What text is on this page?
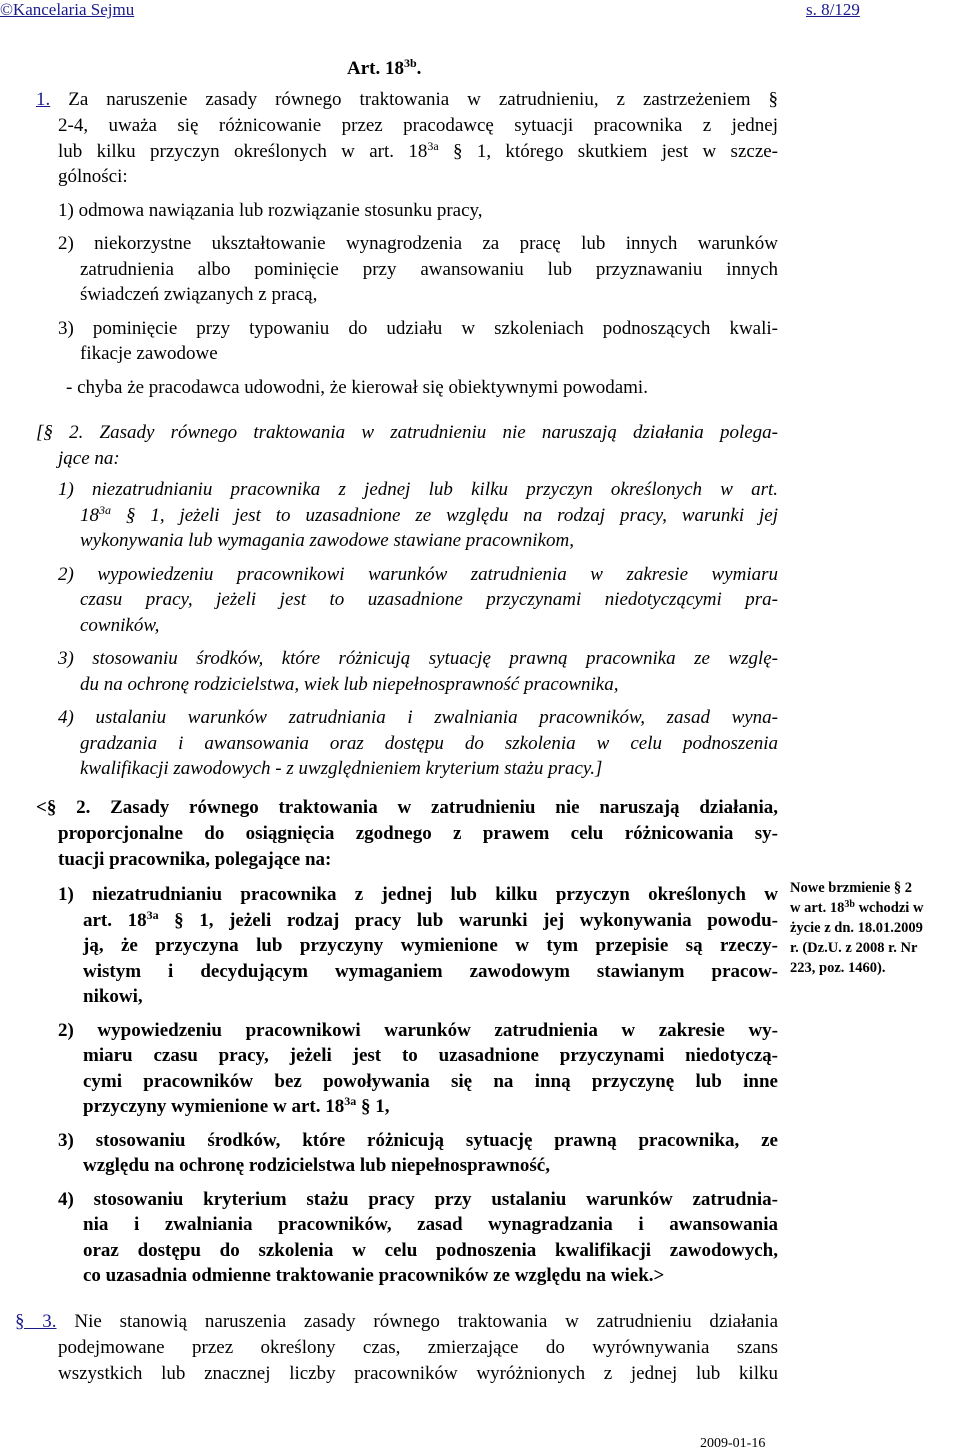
©Kancelaria Sejmu	s. 8/129
Art. $18^{3b}$.
1. Za naruszenie zasady równego traktowania w zatrudnieniu, z zastrzeżeniem §
2-4, uważa się różnicowanie przez pracodawcę sytuacji pracownika z jednej
lub kilku przyczyn określonych w art. $18^{3a}$ § 1, którego skutkiem jest w szcze-
gólności:
1) odmowa nawiązania lub rozwiązanie stosunku pracy,
2) niekorzystne ukształtowanie wynagrodzenia za pracę lub innych warunków
zatrudnienia albo pominięcie przy awansowaniu lub przyznawaniu innych
świadczeń związanych z pracą,
3) pominięcie przy typowaniu do udziału w szkoleniach podnoszących kwali-
fikacje zawodowe
- chyba że pracodawca udowodni, że kierował się obiektywnymi powodami.
[§ 2. Zasady równego traktowania w zatrudnieniu nie naruszają działania polega-
jące na:
1) niezatrudnianiu pracownika z jednej lub kilku przyczyn określonych w art.
$18^{3a}$ § 1, jeżeli jest to uzasadnione ze względu na rodzaj pracy, warunki jej
wykonywania lub wymagania zawodowe stawiane pracownikom,
2) wypowiedzeniu pracownikowi warunków zatrudnienia w zakresie wymiaru
czasu pracy, jeżeli jest to uzasadnione przyczynami niedotyczącymi pra-
cowników,
3) stosowaniu środków, które różnicują sytuację prawną pracownika ze wzglę-
du na ochronę rodzicielstwa, wiek lub niepełnosprawność pracownika,
4) ustalaniu warunków zatrudniania i zwalniania pracowników, zasad wyna-
gradzania i awansowania oraz dostępu do szkolenia w celu podnoszenia
kwalifikacji zawodowych - z uwzględnieniem kryterium stażu pracy.]
<§ 2. Zasady równego traktowania w zatrudnieniu nie naruszają działania,
proporcjonalne do osiągnięcia zgodnego z prawem celu różnicowania sy-
tuacji pracownika, polegające na:
1) niezatrudnianiu pracownika z jednej lub kilku przyczyn określonych w
art. $18^{3a}$ § 1, jeżeli rodzaj pracy lub warunki jej wykonywania powodu-
ją, że przyczyna lub przyczyny wymienione w tym przepisie są rzeczy-
wistym i decydującym wymaganiem zawodowym stawianym pracow-
nikowi,
2) wypowiedzeniu pracownikowi warunków zatrudnienia w zakresie wy-
miaru czasu pracy, jeżeli jest to uzasadnione przyczynami niedotyczą-
cymi pracowników bez powoływania się na inną przyczynę lub inne
przyczyny wymienione w art. $18^{3a}$ § 1,
3) stosowaniu środków, które różnicują sytuację prawną pracownika, ze
względu na ochronę rodzicielstwa lub niepełnosprawność,
4) stosowaniu kryterium stażu pracy przy ustalaniu warunków zatrudnia-
nia i zwalniania pracowników, zasad wynagradzania i awansowania
oraz dostępu do szkolenia w celu podnoszenia kwalifikacji zawodowych,
co uzasadnia odmienne traktowanie pracowników ze względu na wiek.>
§ 3. Nie stanowią naruszenia zasady równego traktowania w zatrudnieniu działania
podejmowane przez określony czas, zmierzające do wyrównywania szans
wszystkich lub znacznej liczby pracowników wyróżnionych z jednej lub kilku
Nowe brzmienie § 2
w art. $18^{3b}$ wchodzi w
życie z dn. 18.01.2009
r. (Dz.U. z 2008 r. Nr
223, poz. 1460).
2009-01-16
